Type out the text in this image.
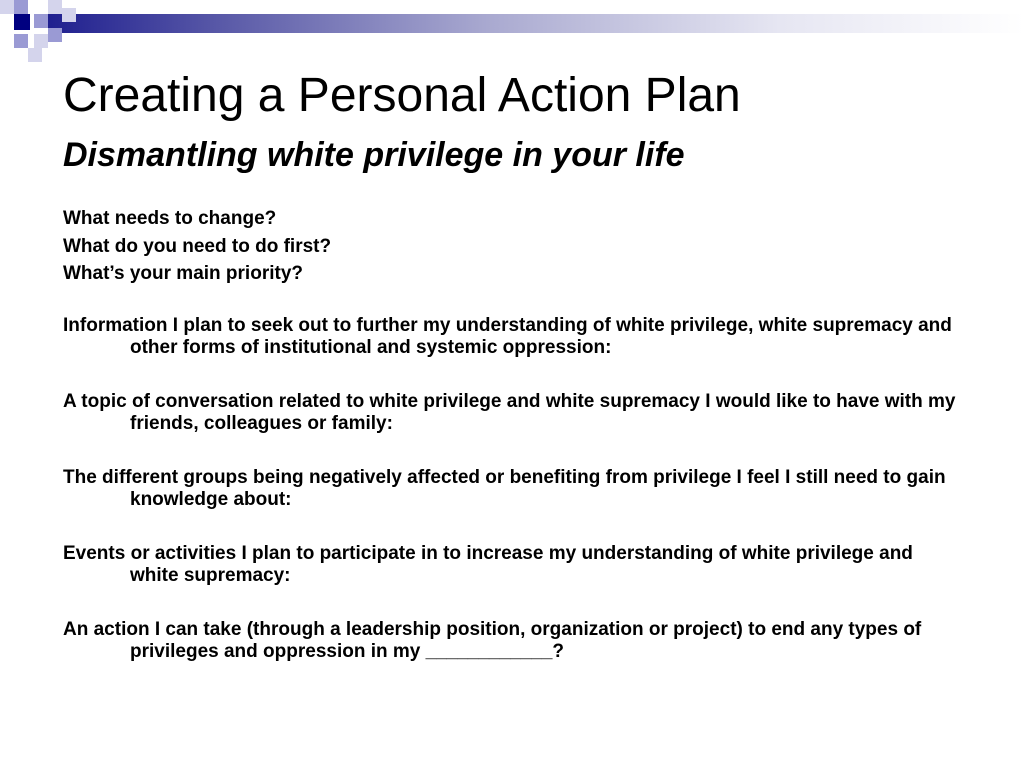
Creating a Personal Action Plan
Dismantling white privilege in your life

What needs to change?

What do you need to do first?

What’s your main priority?

Information I plan to seek out to further my understanding of white privilege, white supremacy and other forms of institutional and systemic oppression:

A topic of conversation related to white privilege and white supremacy I would like to have with my friends, colleagues or family:

The different groups being negatively affected or benefiting from privilege I feel I still need to gain knowledge about:

Events or activities I plan to participate in to increase my understanding of white privilege and white supremacy:

An action I can take (through a leadership position, organization or project) to end any types of privileges and oppression in my ____________?
